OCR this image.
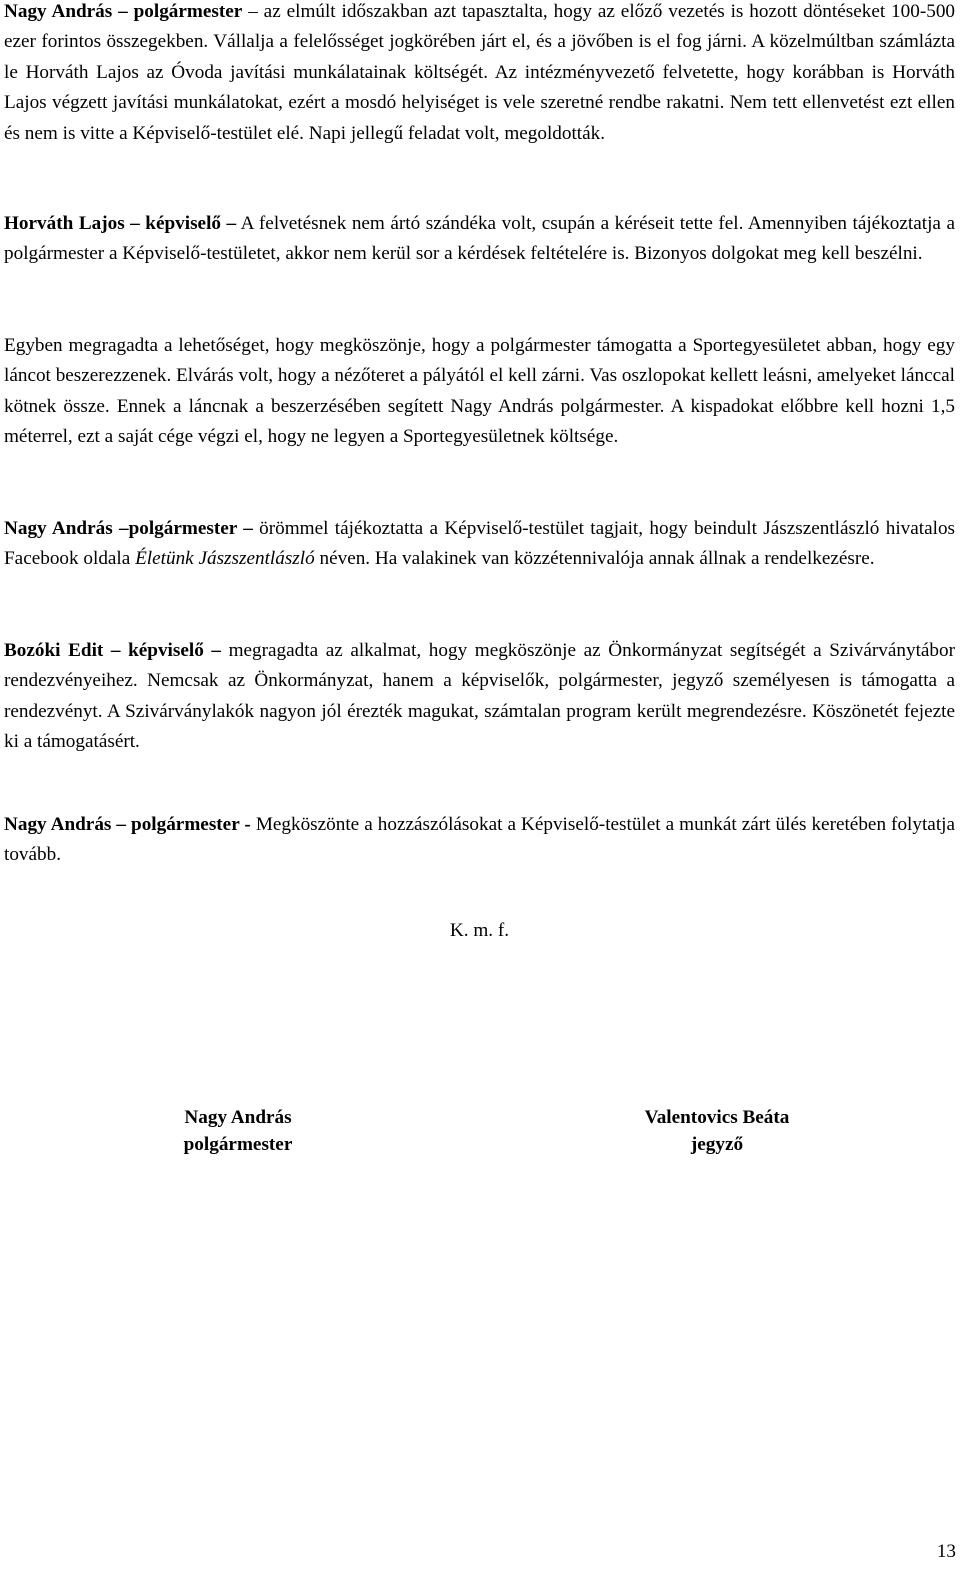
Nagy András – polgármester – az elmúlt időszakban azt tapasztalta, hogy az előző vezetés is hozott döntéseket 100-500 ezer forintos összegekben. Vállalja a felelősséget jogkörében járt el, és a jövőben is el fog járni. A közelmúltban számlázta le Horváth Lajos az Óvoda javítási munkálatainak költségét. Az intézményvezető felvetette, hogy korábban is Horváth Lajos végzett javítási munkálatokat, ezért a mosdó helyiséget is vele szeretné rendbe rakatni. Nem tett ellenvetést ezt ellen és nem is vitte a Képviselő-testület elé. Napi jellegű feladat volt, megoldották.

Horváth Lajos – képviselő – A felvetésnek nem ártó szándéka volt, csupán a kéréseit tette fel. Amennyiben tájékoztatja a polgármester a Képviselő-testületet, akkor nem kerül sor a kérdések feltételére is. Bizonyos dolgokat meg kell beszélni.

Egyben megragadta a lehetőséget, hogy megköszönje, hogy a polgármester támogatta a Sportegyesületet abban, hogy egy láncot beszerezzenek. Elvárás volt, hogy a nézőteret a pályától el kell zárni. Vas oszlopokat kellett leásni, amelyeket lánccal kötnek össze. Ennek a láncnak a beszerzésében segített Nagy András polgármester. A kispadokat előbbre kell hozni 1,5 méterrel, ezt a saját cége végzi el, hogy ne legyen a Sportegyesületnek költsége.

Nagy András –polgármester – örömmel tájékoztatta a Képviselő-testület tagjait, hogy beindult Jászszentlászló hivatalos Facebook oldala Életünk Jászszentlászló néven. Ha valakinek van közzétennivalója annak állnak a rendelkezésre.

Bozóki Edit – képviselő – megragadta az alkalmat, hogy megköszönje az Önkormányzat segítségét a Szivárványtábor rendezvényeihez. Nemcsak az Önkormányzat, hanem a képviselők, polgármester, jegyző személyesen is támogatta a rendezvényt. A Szivárványlakók nagyon jól érezték magukat, számtalan program került megrendezésre. Köszönetét fejezte ki a támogatásért.

Nagy András – polgármester - Megköszönte a hozzászólásokat a Képviselő-testület a munkát zárt ülés keretében folytatja tovább.

K. m. f.
Nagy András
polgármester
Valentovics Beáta
jegyző
13
